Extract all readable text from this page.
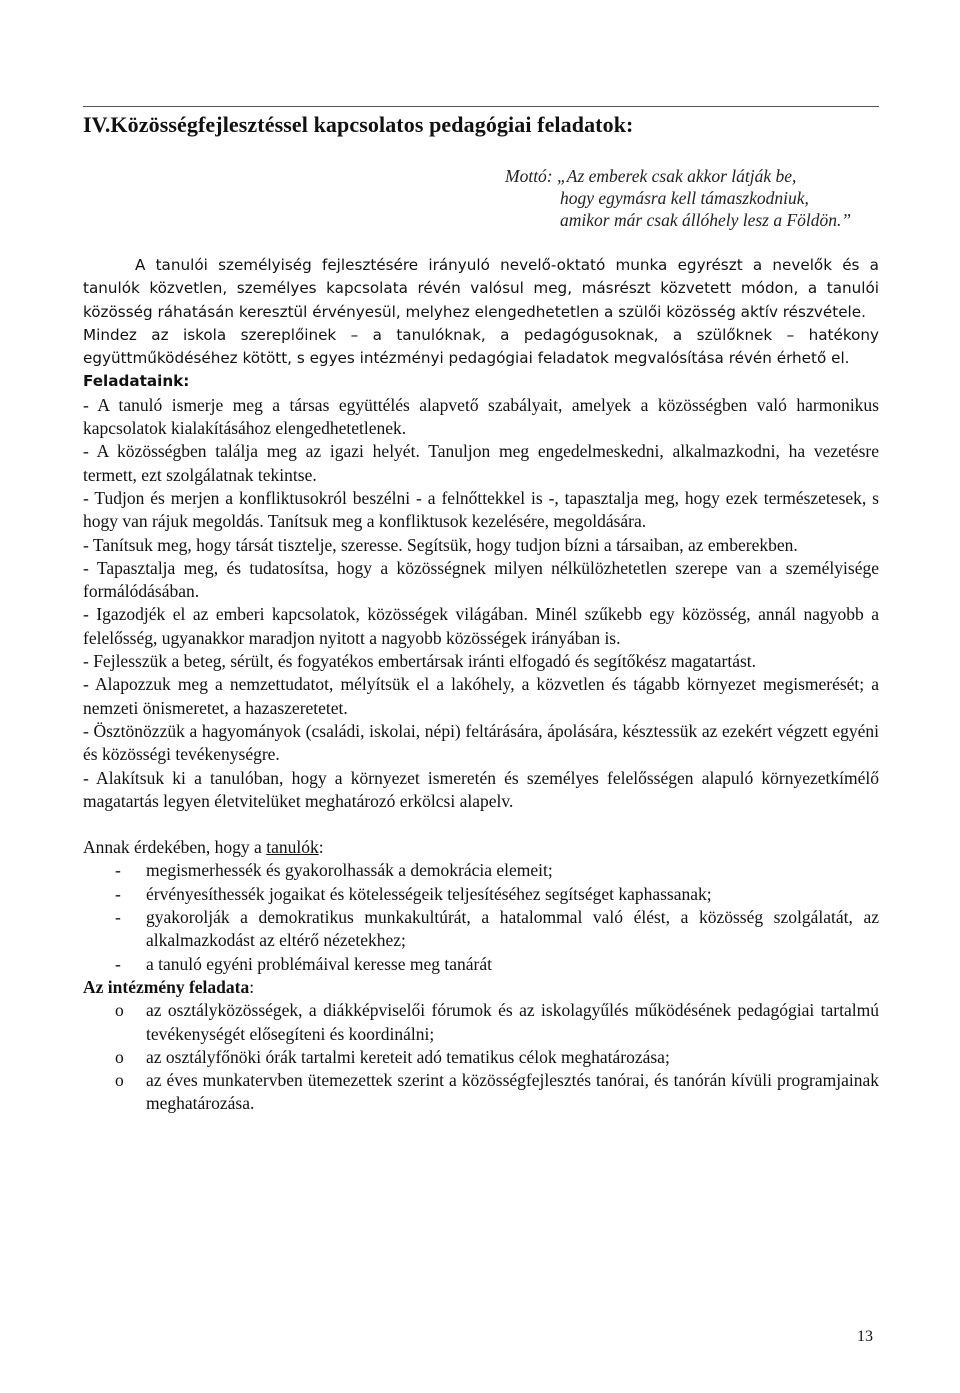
IV.Közösségfejlesztéssel kapcsolatos pedagógiai feladatok:
Mottó: „Az emberek csak akkor látják be,
hogy egymásra kell támaszkodniuk,
amikor már csak állóhely lesz a Földön.”

A tanulói személyiség fejlesztésére irányuló nevelő-oktató munka egyrészt a nevelők és a tanulók közvetlen, személyes kapcsolata révén valósul meg, másrészt közvetett módon, a tanulói közösség ráhatásán keresztül érvényesül, melyhez elengedhetetlen a szülői közösség aktív részvétele.

Mindez az iskola szereplőinek – a tanulóknak, a pedagógusoknak, a szülőknek – hatékony együttműködéséhez kötött, s egyes intézményi pedagógiai feladatok megvalósítása révén érhető el.

Feladataink:

- A tanuló ismerje meg a társas együttélés alapvető szabályait, amelyek a közösségben való harmonikus kapcsolatok kialakításához elengedhetetlenek.

- A közösségben találja meg az igazi helyét. Tanuljon meg engedelmeskedni, alkalmazkodni, ha vezetésre termett, ezt szolgálatnak tekintse.

- Tudjon és merjen a konfliktusokról beszélni - a felnőttekkel is -, tapasztalja meg, hogy ezek természetesek, s hogy van rájuk megoldás. Tanítsuk meg a konfliktusok kezelésére, megoldására.

- Tanítsuk meg, hogy társát tisztelje, szeresse. Segítsük, hogy tudjon bízni a társaiban, az emberekben.

- Tapasztalja meg, és tudatosítsa, hogy a közösségnek milyen nélkülözhetetlen szerepe van a személyisége formálódásában.

- Igazodjék el az emberi kapcsolatok, közösségek világában. Minél szűkebb egy közösség, annál nagyobb a felelősség, ugyanakkor maradjon nyitott a nagyobb közösségek irányában is.

- Fejlesszük a beteg, sérült, és fogyatékos embertársak iránti elfogadó és segítőkész magatartást.

- Alapozzuk meg a nemzettudatot, mélyítsük el a lakóhely, a közvetlen és tágabb környezet megismerését; a nemzeti önismeretet, a hazaszeretetet.

- Ösztönözzük a hagyományok (családi, iskolai, népi) feltárására, ápolására, késztessük az ezekért végzett egyéni és közösségi tevékenységre.

- Alakítsuk ki a tanulóban, hogy a környezet ismeretén és személyes felelősségen alapuló környezetkímélő magatartás legyen életvitelüket meghatározó erkölcsi alapelv.

Annak érdekében, hogy a tanulók:

- megismerhessék és gyakorolhassák a demokrácia elemeit;
- érvényesíthessék jogaikat és kötelességeik teljesítéséhez segítséget kaphassanak;
- gyakorolják a demokratikus munkakultúrát, a hatalommal való élést, a közösség szolgálatát, az alkalmazkodást az eltérő nézetekhez;
- a tanuló egyéni problémáival keresse meg tanárát

Az intézmény feladata:

o az osztályközösségek, a diákképviselői fórumok és az iskolagyűlés működésének pedagógiai tartalmú tevékenységét elősegíteni és koordinálni;
o az osztályfőnöki órák tartalmi kereteit adó tematikus célok meghatározása;
o az éves munkatervben ütemezettek szerint a közösségfejlesztés tanórai, és tanórán kívüli programjainak meghatározása.
13
